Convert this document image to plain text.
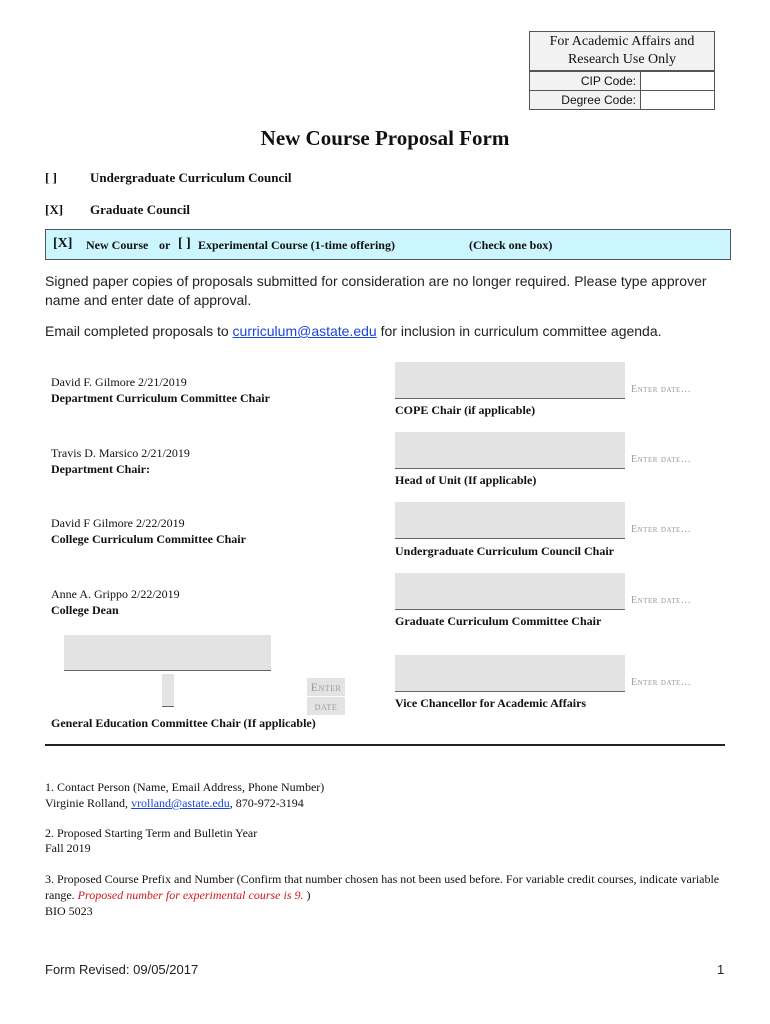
For Academic Affairs and Research Use Only
CIP Code:
Degree Code:
New Course Proposal Form
[ ]	Undergraduate Curriculum Council
[X] Graduate Council
[X] New Course or [ ] Experimental Course (1-time offering)	(Check one box)
Signed paper copies of proposals submitted for consideration are no longer required. Please type approver name and enter date of approval.
Email completed proposals to curriculum@astate.edu for inclusion in curriculum committee agenda.
David F. Gilmore 2/21/2019
Department Curriculum Committee Chair
Travis D. Marsico 2/21/2019
Department Chair:
David F Gilmore 2/22/2019
College Curriculum Committee Chair
Anne A. Grippo 2/22/2019
College Dean
Enter date…
COPE Chair (if applicable)
Enter date…
Head of Unit (If applicable)
Enter date…
Undergraduate Curriculum Council Chair
Enter date…
Graduate Curriculum Committee Chair
Enter date…
Vice Chancellor for Academic Affairs
Enter
date
General Education Committee Chair (If applicable)
1. Contact Person (Name, Email Address, Phone Number)
Virginie Rolland, vrolland@astate.edu, 870-972-3194
2. Proposed Starting Term and Bulletin Year
Fall 2019
3. Proposed Course Prefix and Number (Confirm that number chosen has not been used before. For variable credit courses, indicate variable range. Proposed number for experimental course is 9. )
BIO 5023
Form Revised: 09/05/2017	1
